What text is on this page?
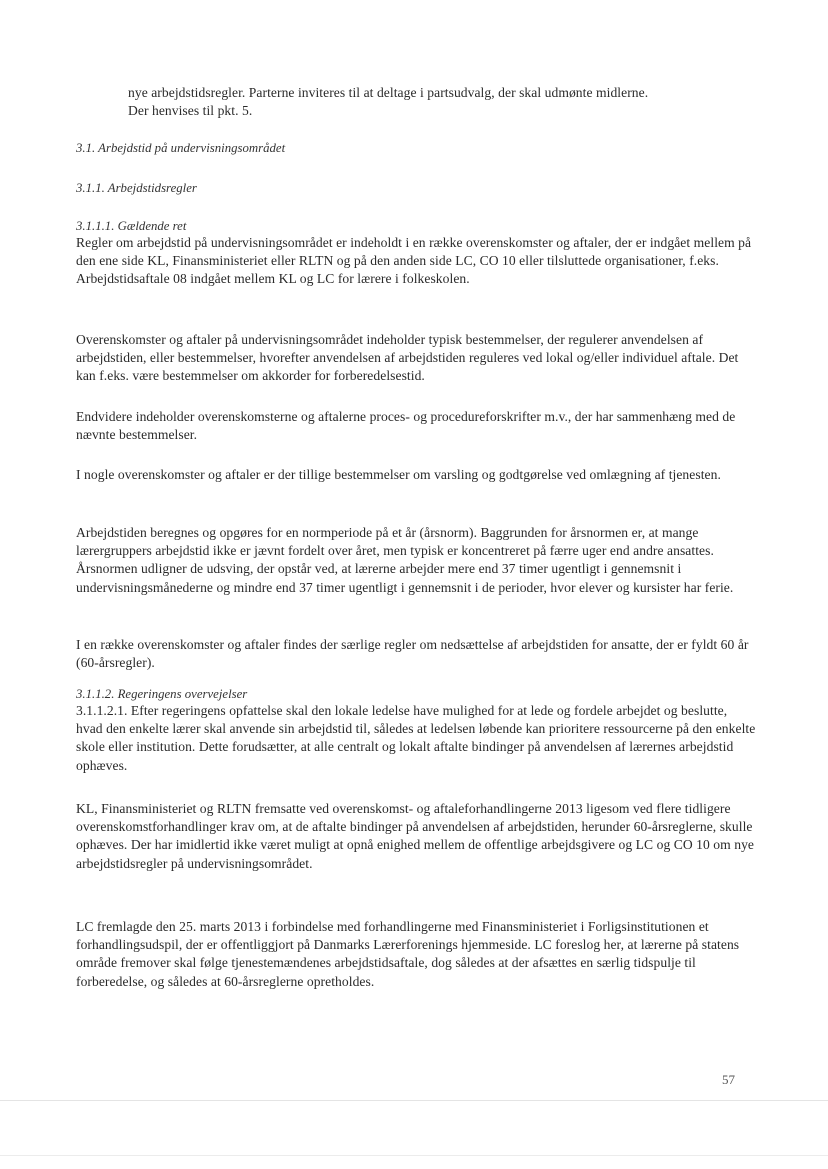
nye arbejdstidsregler. Parterne inviteres til at deltage i partsudvalg, der skal udmønte midlerne.

Der henvises til pkt. 5.

3.1. Arbejdstid på undervisningsområdet

3.1.1. Arbejdstidsregler

3.1.1.1. Gældende ret

Regler om arbejdstid på undervisningsområdet er indeholdt i en række overenskomster og aftaler, der er indgået mellem på den ene side KL, Finansministeriet eller RLTN og på den anden side LC, CO 10 eller tilsluttede organisationer, f.eks. Arbejdstidsaftale 08 indgået mellem KL og LC for lærere i folkeskolen.

Overenskomster og aftaler på undervisningsområdet indeholder typisk bestemmelser, der regulerer anvendelsen af arbejdstiden, eller bestemmelser, hvorefter anvendelsen af arbejdstiden reguleres ved lokal og/eller individuel aftale. Det kan f.eks. være bestemmelser om akkorder for forberedelsestid.

Endvidere indeholder overenskomsterne og aftalerne proces- og procedureforskrifter m.v., der har sammenhæng med de nævnte bestemmelser.

I nogle overenskomster og aftaler er der tillige bestemmelser om varsling og godtgørelse ved omlægning af tjenesten.

Arbejdstiden beregnes og opgøres for en normperiode på et år (årsnorm). Baggrunden for årsnormen er, at mange lærergruppers arbejdstid ikke er jævnt fordelt over året, men typisk er koncentreret på færre uger end andre ansattes. Årsnormen udligner de udsving, der opstår ved, at lærerne arbejder mere end 37 timer ugentligt i gennemsnit i undervisningsmånederne og mindre end 37 timer ugentligt i gennemsnit i de perioder, hvor elever og kursister har ferie.

I en række overenskomster og aftaler findes der særlige regler om nedsættelse af arbejdstiden for ansatte, der er fyldt 60 år (60-årsregler).

3.1.1.2. Regeringens overvejelser

3.1.1.2.1. Efter regeringens opfattelse skal den lokale ledelse have mulighed for at lede og fordele arbejdet og beslutte, hvad den enkelte lærer skal anvende sin arbejdstid til, således at ledelsen løbende kan prioritere ressourcerne på den enkelte skole eller institution. Dette forudsætter, at alle centralt og lokalt aftalte bindinger på anvendelsen af lærernes arbejdstid ophæves.

KL, Finansministeriet og RLTN fremsatte ved overenskomst- og aftaleforhandlingerne 2013 ligesom ved flere tidligere overenskomstforhandlinger krav om, at de aftalte bindinger på anvendelsen af arbejdstiden, herunder 60-årsreglerne, skulle ophæves. Der har imidlertid ikke været muligt at opnå enighed mellem de offentlige arbejdsgivere og LC og CO 10 om nye arbejdstidsregler på undervisningsområdet.

LC fremlagde den 25. marts 2013 i forbindelse med forhandlingerne med Finansministeriet i Forligsinstitutionen et forhandlingsudspil, der er offentliggjort på Danmarks Lærerforenings hjemmeside. LC foreslog her, at lærerne på statens område fremover skal følge tjenestemændenes arbejdstidsaftale, dog således at der afsættes en særlig tidspulje til forberedelse, og således at 60-årsreglerne opretholdes.

57
